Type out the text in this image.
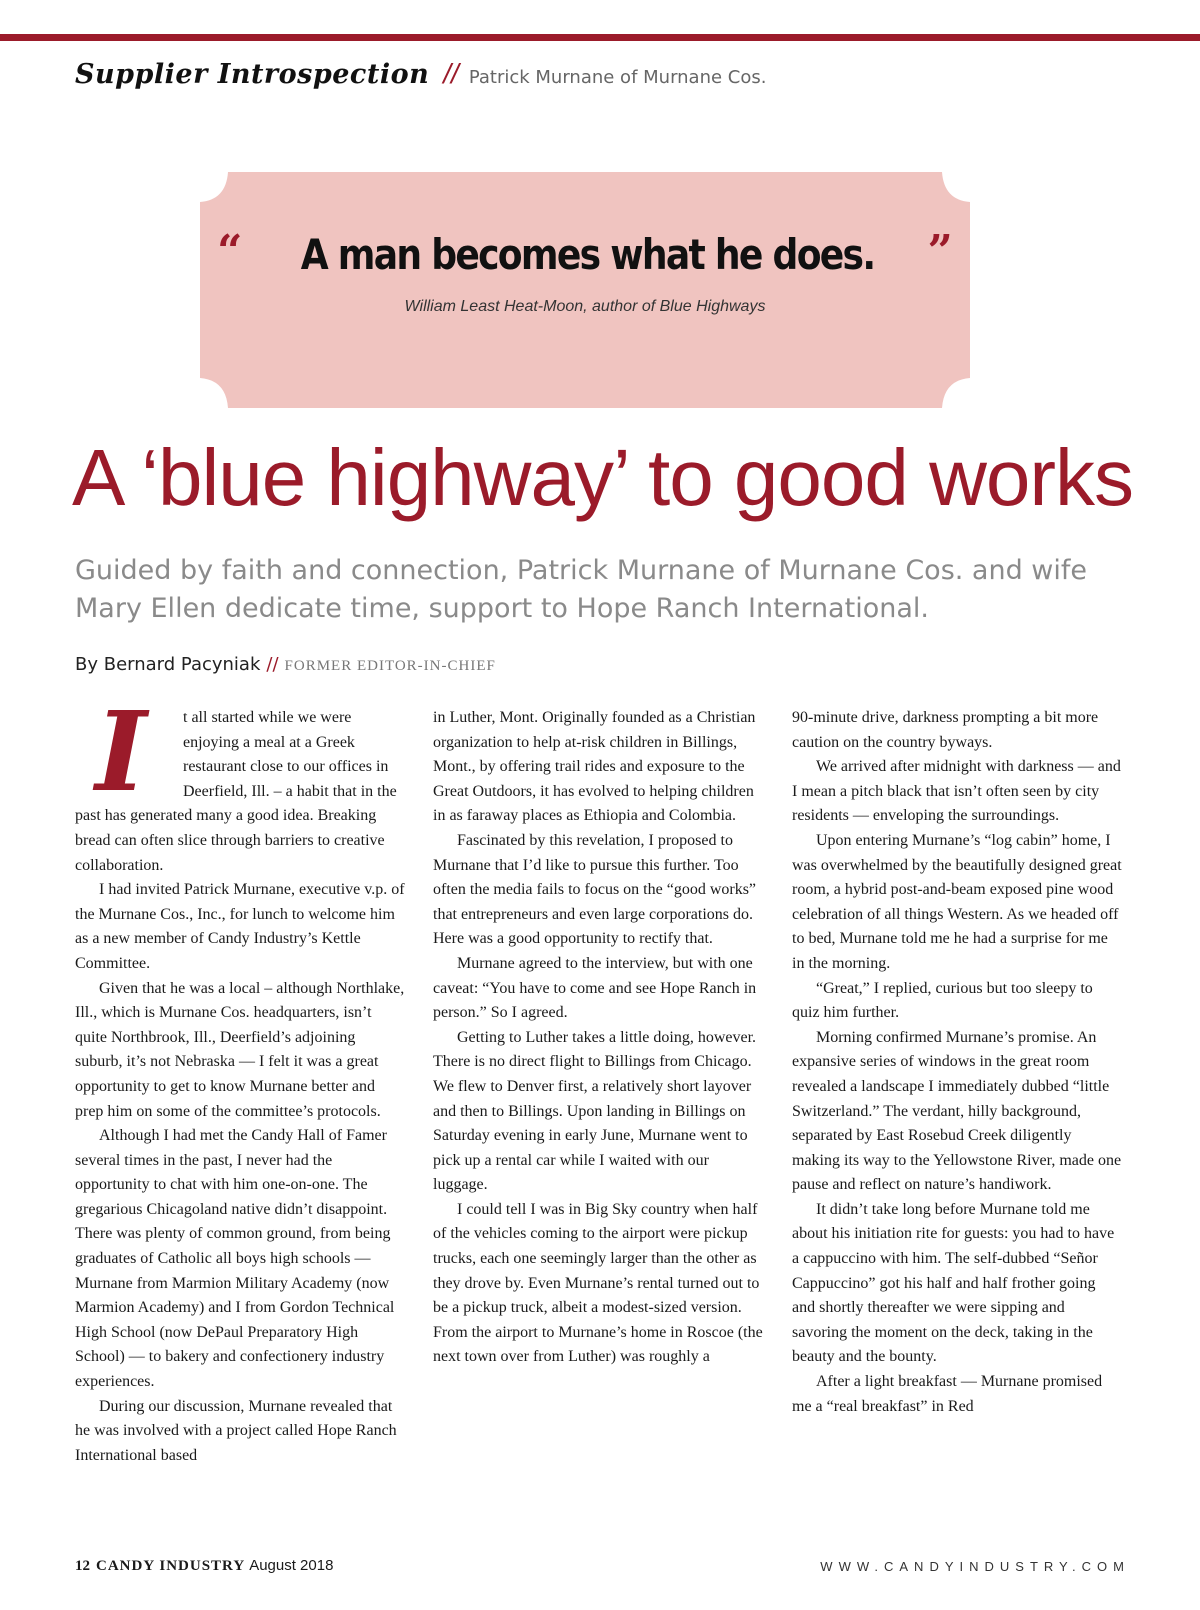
Supplier Introspection // Patrick Murnane of Murnane Cos.
“ A man becomes what he does. ”
William Least Heat-Moon, author of Blue Highways
A ‘blue highway’ to good works
Guided by faith and connection, Patrick Murnane of Murnane Cos. and wife Mary Ellen dedicate time, support to Hope Ranch International.
By Bernard Pacyniak // FORMER EDITOR-IN-CHIEF
I	t all started while we were enjoying a meal at a Greek restaurant close to our offices in Deerfield, Ill. – a habit that in the past has generated many a good idea. Breaking bread can often slice through barriers to creative collaboration.

I had invited Patrick Murnane, executive v.p. of the Murnane Cos., Inc., for lunch to welcome him as a new member of Candy Industry’s Kettle Committee.

Given that he was a local – although Northlake, Ill., which is Murnane Cos. headquarters, isn’t quite Northbrook, Ill., Deerfield’s adjoining suburb, it’s not Nebraska — I felt it was a great opportunity to get to know Murnane better and prep him on some of the committee’s protocols.

Although I had met the Candy Hall of Famer several times in the past, I never had the opportunity to chat with him one-on-one. The gregarious Chicagoland native didn’t disappoint. There was plenty of common ground, from being graduates of Catholic all boys high schools — Murnane from Marmion Military Academy (now Marmion Academy) and I from Gordon Technical High School (now DePaul Preparatory High School) — to bakery and confectionery industry experiences.

During our discussion, Murnane revealed that he was involved with a project called Hope Ranch International based

in Luther, Mont. Originally founded as a Christian organization to help at-risk children in Billings, Mont., by offering trail rides and exposure to the Great Outdoors, it has evolved to helping children in as faraway places as Ethiopia and Colombia.

Fascinated by this revelation, I proposed to Murnane that I’d like to pursue this further. Too often the media fails to focus on the “good works” that entrepreneurs and even large corporations do. Here was a good opportunity to rectify that.

Murnane agreed to the interview, but with one caveat: “You have to come and see Hope Ranch in person.” So I agreed.

Getting to Luther takes a little doing, however. There is no direct flight to Billings from Chicago. We flew to Denver first, a relatively short layover and then to Billings. Upon landing in Billings on Saturday evening in early June, Murnane went to pick up a rental car while I waited with our luggage.

I could tell I was in Big Sky country when half of the vehicles coming to the airport were pickup trucks, each one seemingly larger than the other as they drove by. Even Murnane’s rental turned out to be a pickup truck, albeit a modest-sized version. From the airport to Murnane’s home in Roscoe (the next town over from Luther) was roughly a

90-minute drive, darkness prompting a bit more caution on the country byways.

We arrived after midnight with darkness — and I mean a pitch black that isn’t often seen by city residents — enveloping the surroundings.

Upon entering Murnane’s “log cabin” home, I was overwhelmed by the beautifully designed great room, a hybrid post-and-beam exposed pine wood celebration of all things Western. As we headed off to bed, Murnane told me he had a surprise for me in the morning.

“Great,” I replied, curious but too sleepy to quiz him further.

Morning confirmed Murnane’s promise. An expansive series of windows in the great room revealed a landscape I immediately dubbed “little Switzerland.” The verdant, hilly background, separated by East Rosebud Creek diligently making its way to the Yellowstone River, made one pause and reflect on nature’s handiwork.

It didn’t take long before Murnane told me about his initiation rite for guests: you had to have a cappuccino with him. The self-dubbed “Señor Cappuccino” got his half and half frother going and shortly thereafter we were sipping and savoring the moment on the deck, taking in the beauty and the bounty.

After a light breakfast — Murnane promised me a “real breakfast” in Red

12 CANDY INDUSTRY August 2018	WWW.CANDYINDUSTRY.COM
